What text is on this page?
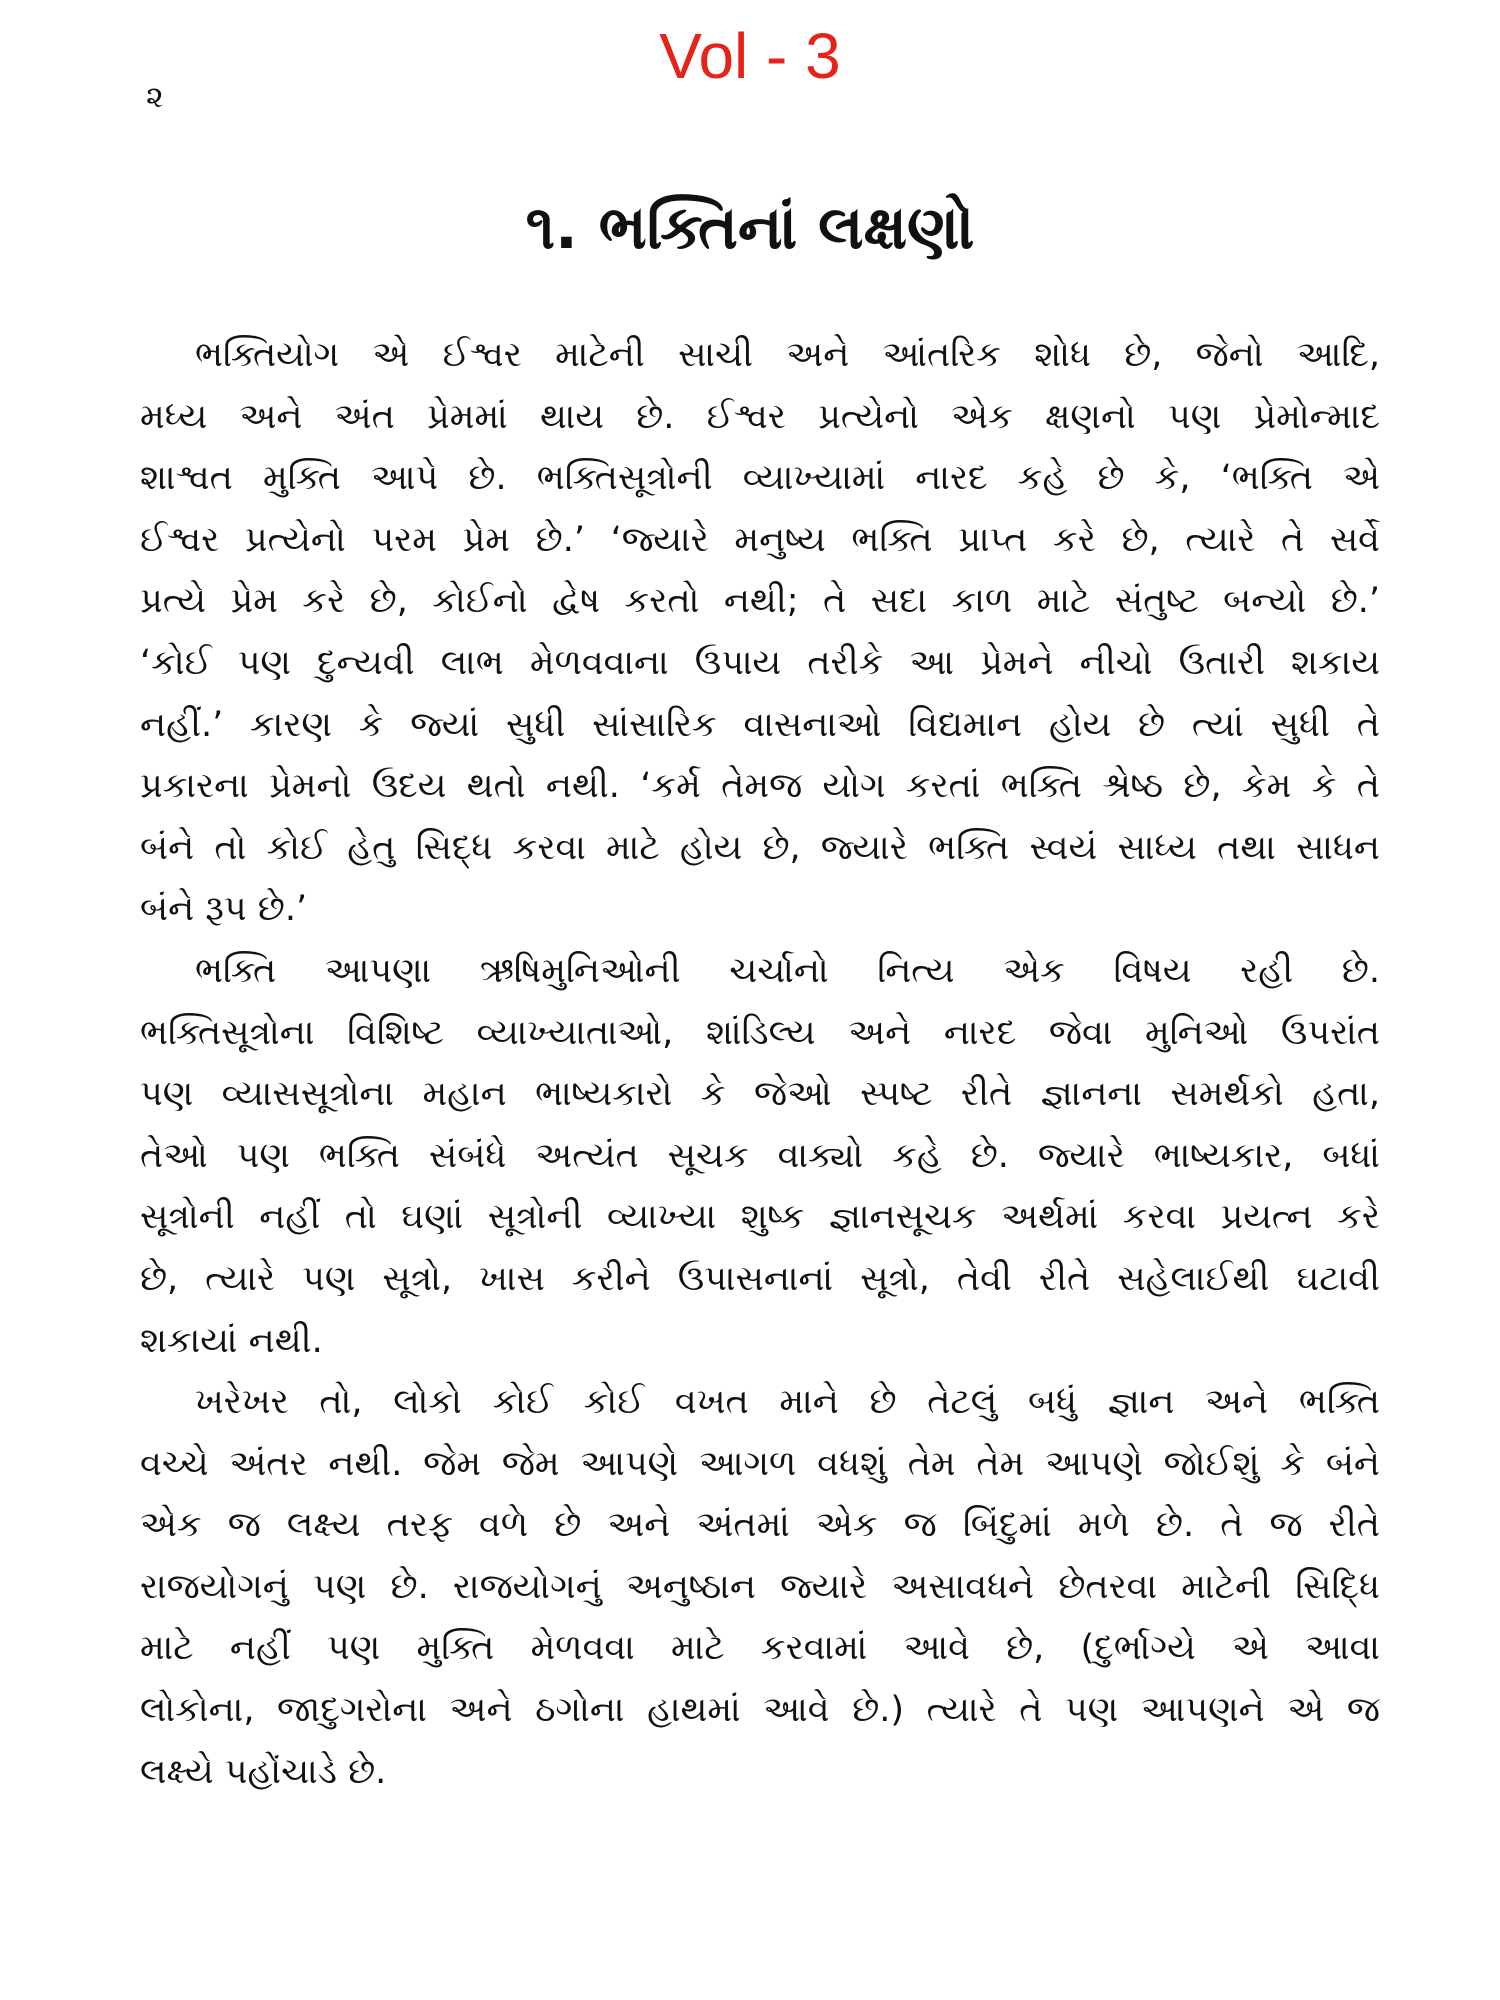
Vol - 3
૨
૧. ભક્તિનાં લક્ષણો
ભક્તિયોગ એ ઈશ્વર માટેની સાચી અને આંતરિક શોધ છે, જેનો આદિ,
મધ્ય અને અંત પ્રેમમાં થાય છે. ઈશ્વર પ્રત્યેનો એક ક્ષણનો પણ પ્રેમોન્માદ
શાશ્વત મુક્તિ આપે છે. ભક્તિસૂત્રોની વ્યાખ્યામાં નારદ કહે છે કે, ‘ભક્તિ એ
ઈશ્વર પ્રત્યેનો પરમ પ્રેમ છે.’ ‘જ્યારે મનુષ્ય ભક્તિ પ્રાપ્ત કરે છે, ત્યારે તે સર્વે
પ્રત્યે પ્રેમ કરે છે, કોઈનો દ્વેષ કરતો નથી; તે સદા કાળ માટે સંતુષ્ટ બન્યો છે.’
‘કોઈ પણ દુન્યવી લાભ મેળવવાના ઉપાય તરીકે આ પ્રેમને નીચો ઉતારી શકાય
નહીં.’ કારણ કે જ્યાં સુધી સાંસારિક વાસનાઓ વિદ્યમાન હોય છે ત્યાં સુધી તે
પ્રકારના પ્રેમનો ઉદય થતો નથી. ‘કર્મ તેમજ યોગ કરતાં ભક્તિ શ્રેષ્ઠ છે, કેમ કે તે
બંને તો કોઈ હેતુ સિદ્ધ કરવા માટે હોય છે, જ્યારે ભક્તિ સ્વયં સાધ્ય તથા સાધન
બંને રૂપ છે.’
ભક્તિ આપણા ઋષિમુનિઓની ચર્ચાનો નિત્ય એક વિષય રહી છે.
ભક્તિસૂત્રોના વિશિષ્ટ વ્યાખ્યાતાઓ, શાંડિલ્ય અને નારદ જેવા મુનિઓ ઉપરાંત
પણ વ્યાસસૂત્રોના મહાન ભાષ્યકારો કે જેઓ સ્પષ્ટ રીતે જ્ઞાનના સમર્થકો હતા,
તેઓ પણ ભક્તિ સંબંધે અત્યંત સૂચક વાક્યો કહે છે. જ્યારે ભાષ્યકાર, બધાં
સૂત્રોની નહીં તો ઘણાં સૂત્રોની વ્યાખ્યા શુષ્ક જ્ઞાનસૂચક અર્થમાં કરવા પ્રયત્ન કરે
છે, ત્યારે પણ સૂત્રો, ખાસ કરીને ઉપાસનાનાં સૂત્રો, તેવી રીતે સહેલાઈથી ઘટાવી
શકાયાં નથી.
ખરેખર તો, લોકો કોઈ કોઈ વખત માને છે તેટલું બધું જ્ઞાન અને ભક્તિ
વચ્ચે અંતર નથી. જેમ જેમ આપણે આગળ વધશું તેમ તેમ આપણે જોઈશું કે બંને
એક જ લક્ષ્ય તરફ વળે છે અને અંતમાં એક જ બિંદુમાં મળે છે. તે જ રીતે
રાજયોગનું પણ છે. રાજયોગનું અનુષ્ઠાન જ્યારે અસાવધને છેતરવા માટેની સિદ્ધિ
માટે નહીં પણ મુક્તિ મેળવવા માટે કરવામાં આવે છે, (દુર્ભાગ્યે એ આવા
લોકોના, જાદુગરોના અને ઠગોના હાથમાં આવે છે.) ત્યારે તે પણ આપણને એ જ
લક્ષ્યે પહોંચાડે છે.
